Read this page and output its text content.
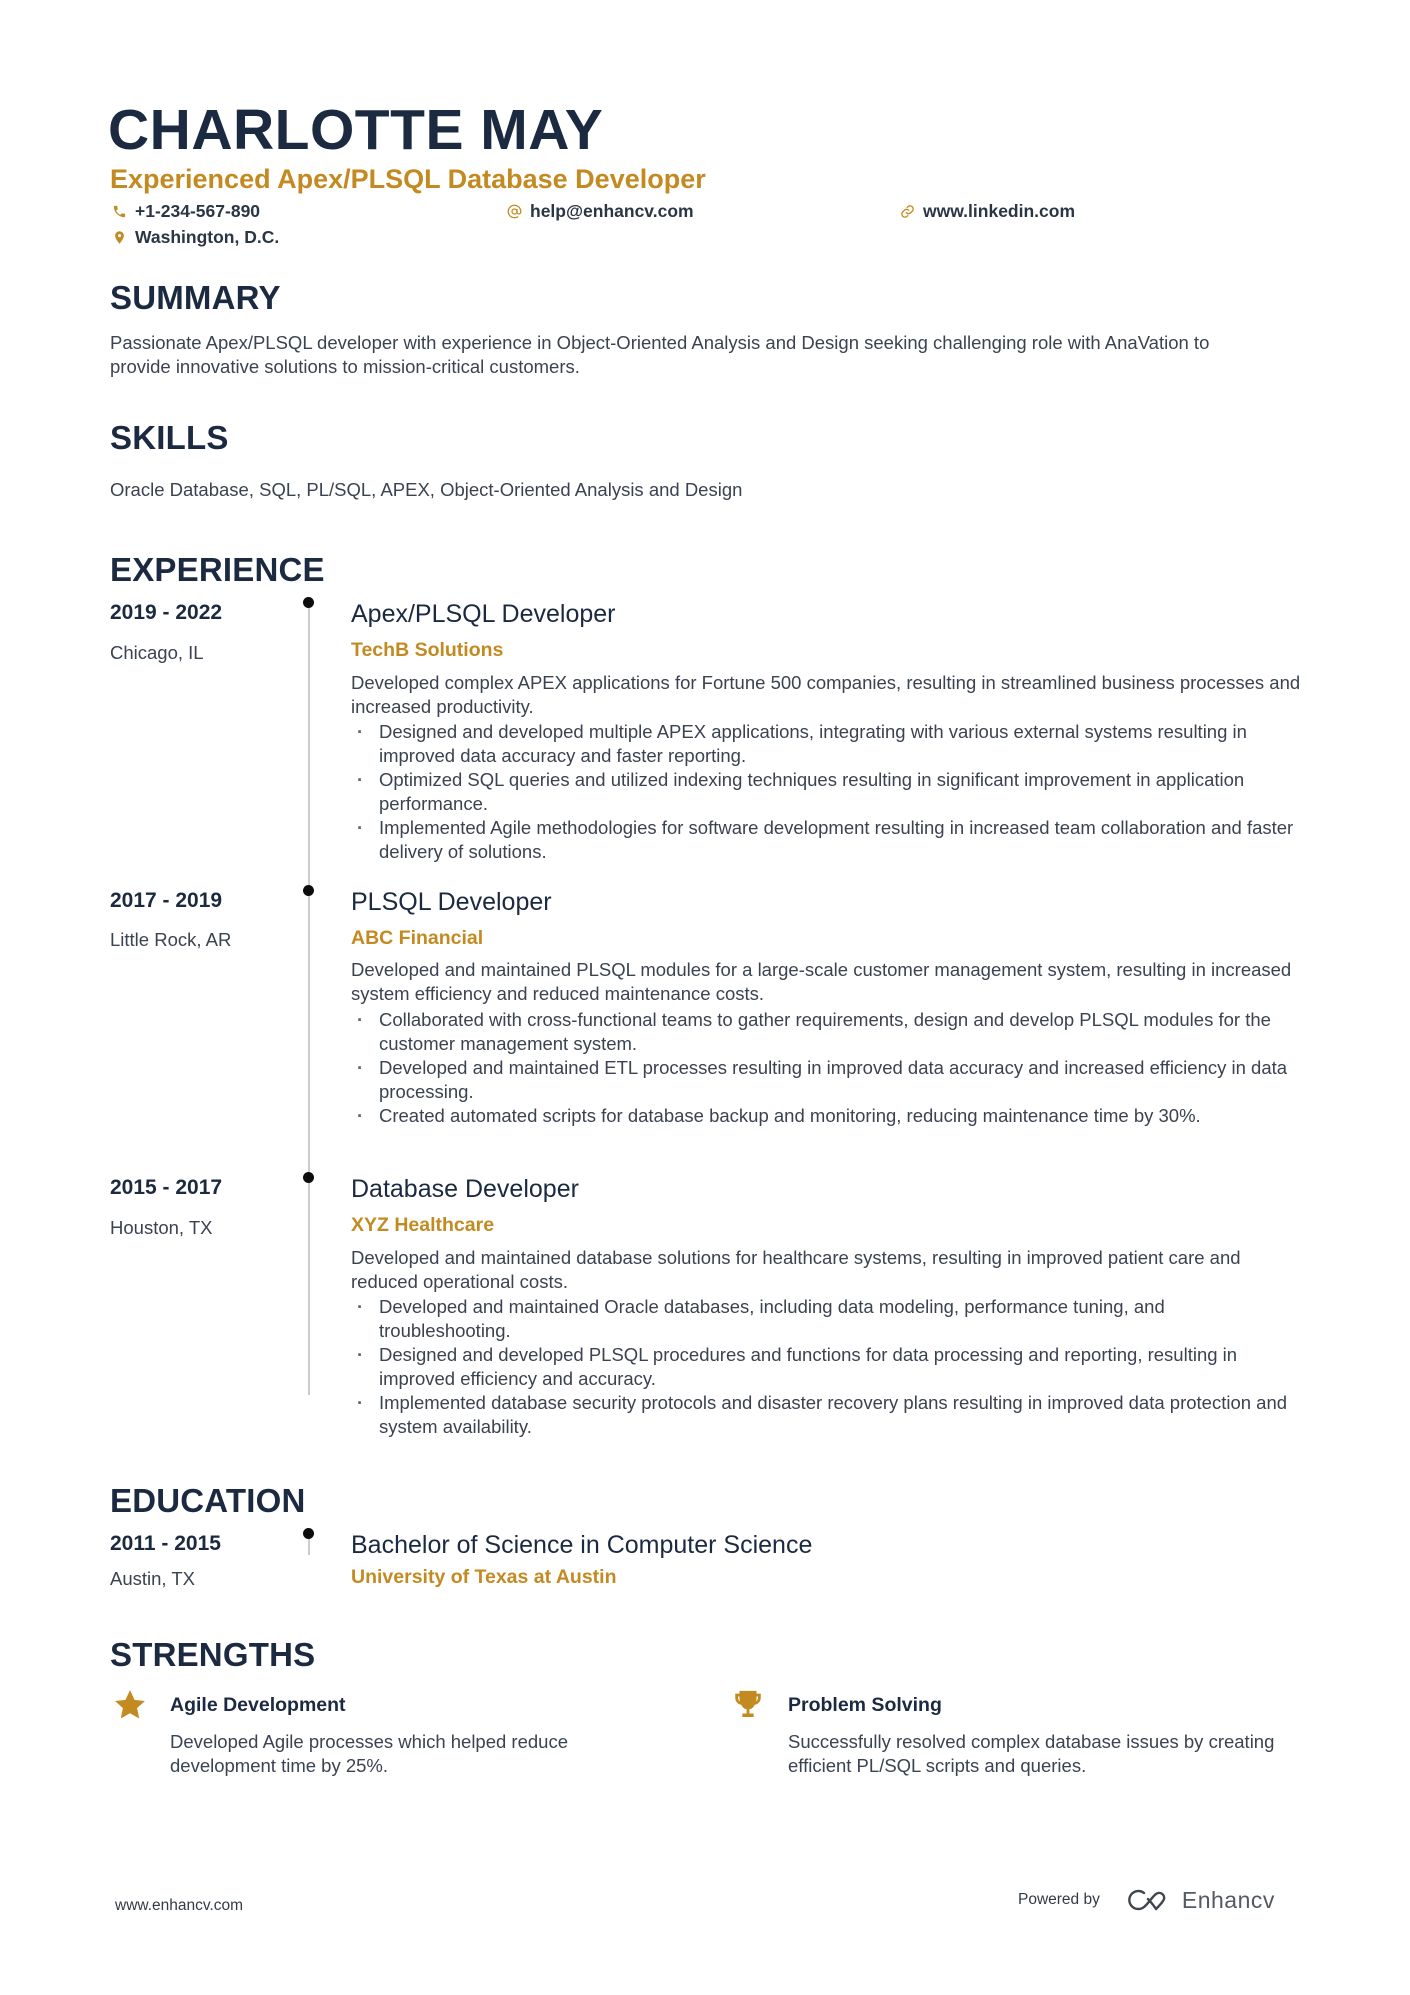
CHARLOTTE MAY
Experienced Apex/PLSQL Database Developer
+1-234-567-890	help@enhancv.com	www.linkedin.com
Washington, D.C.
SUMMARY
Passionate Apex/PLSQL developer with experience in Object-Oriented Analysis and Design seeking challenging role with AnaVation to provide innovative solutions to mission-critical customers.
SKILLS
Oracle Database, SQL, PL/SQL, APEX, Object-Oriented Analysis and Design
EXPERIENCE
2019 - 2022
Chicago, IL
Apex/PLSQL Developer
TechB Solutions
Developed complex APEX applications for Fortune 500 companies, resulting in streamlined business processes and increased productivity.
· Designed and developed multiple APEX applications, integrating with various external systems resulting in improved data accuracy and faster reporting.
· Optimized SQL queries and utilized indexing techniques resulting in significant improvement in application performance.
· Implemented Agile methodologies for software development resulting in increased team collaboration and faster delivery of solutions.
2017 - 2019
Little Rock, AR
PLSQL Developer
ABC Financial
Developed and maintained PLSQL modules for a large-scale customer management system, resulting in increased system efficiency and reduced maintenance costs.
· Collaborated with cross-functional teams to gather requirements, design and develop PLSQL modules for the customer management system.
· Developed and maintained ETL processes resulting in improved data accuracy and increased efficiency in data processing.
· Created automated scripts for database backup and monitoring, reducing maintenance time by 30%.
2015 - 2017
Houston, TX
Database Developer
XYZ Healthcare
Developed and maintained database solutions for healthcare systems, resulting in improved patient care and reduced operational costs.
· Developed and maintained Oracle databases, including data modeling, performance tuning, and troubleshooting.
· Designed and developed PLSQL procedures and functions for data processing and reporting, resulting in improved efficiency and accuracy.
· Implemented database security protocols and disaster recovery plans resulting in improved data protection and system availability.
EDUCATION
2011 - 2015
Austin, TX
Bachelor of Science in Computer Science
University of Texas at Austin
STRENGTHS
Agile Development
Developed Agile processes which helped reduce development time by 25%.
Problem Solving
Successfully resolved complex database issues by creating efficient PL/SQL scripts and queries.
www.enhancv.com	Powered by	Enhancv
